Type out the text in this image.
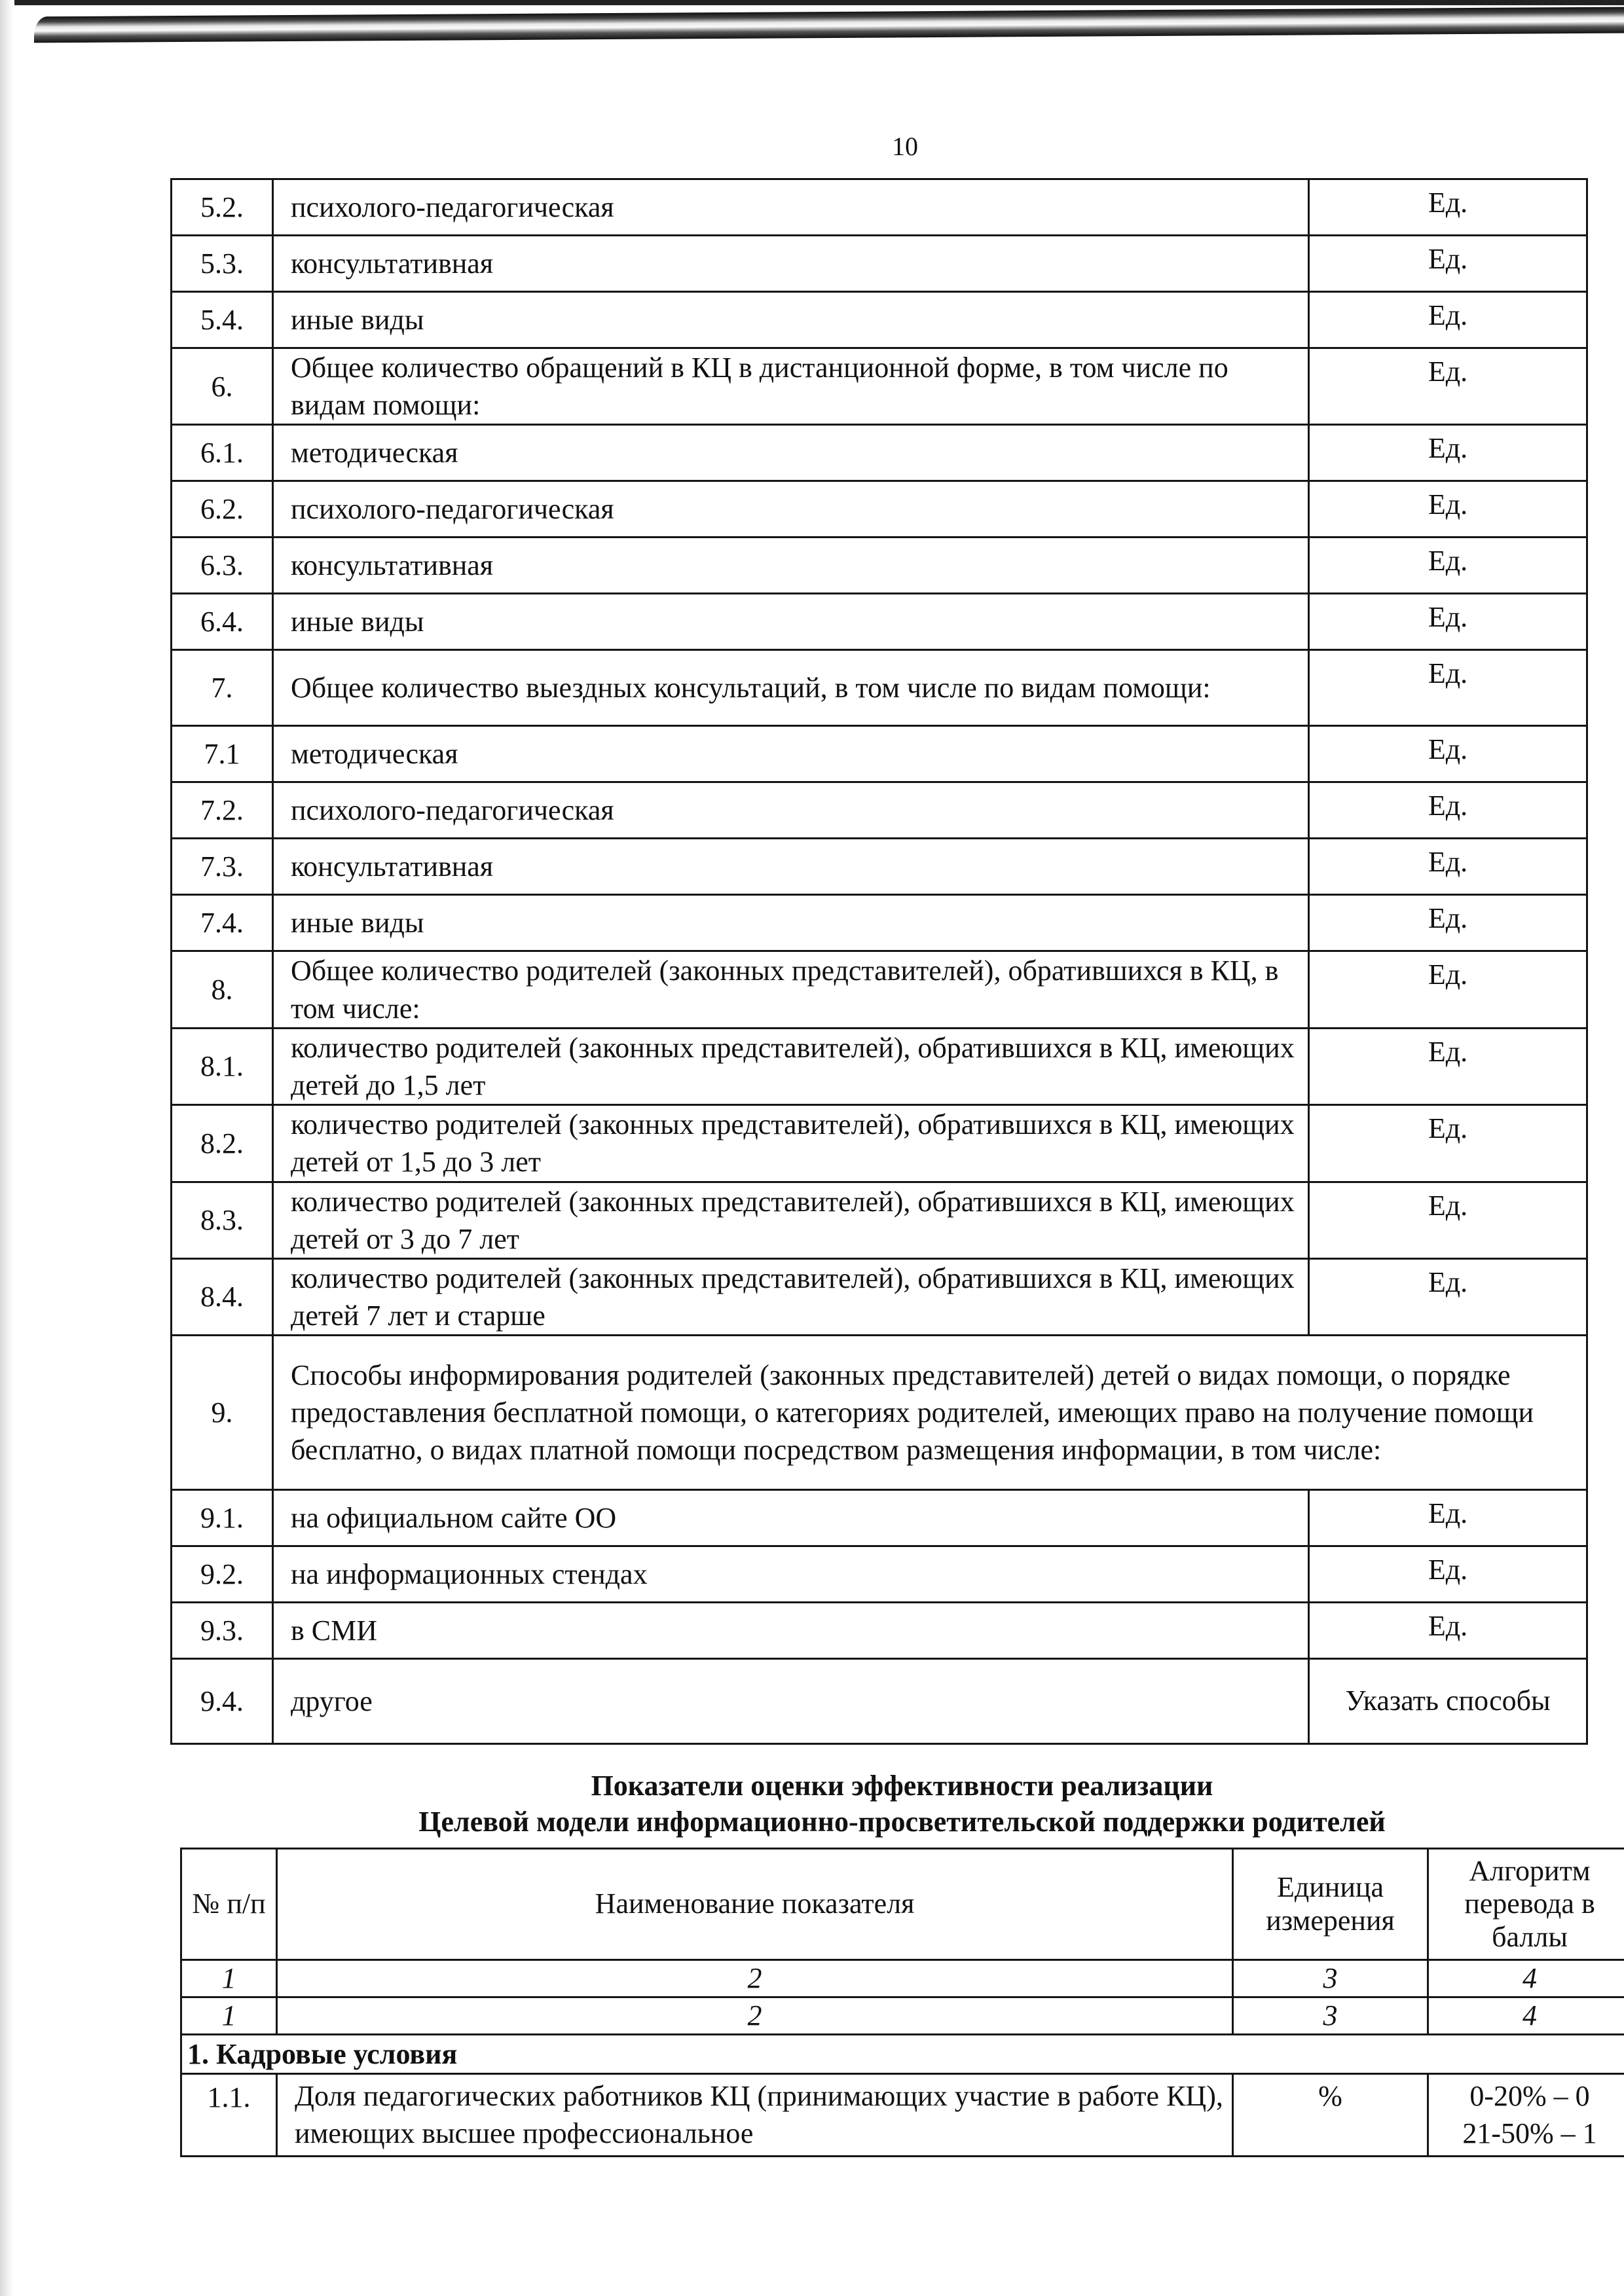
10
5.2.	психолого-педагогическая	Ед.
5.3.	консультативная	Ед.
5.4.	иные виды	Ед.
6.	Общее количество обращений в КЦ в дистанционной форме, в том числе по видам помощи:	Ед.
6.1.	методическая	Ед.
6.2.	психолого-педагогическая	Ед.
6.3.	консультативная	Ед.
6.4.	иные виды	Ед.
7.	Общее количество выездных консультаций, в том числе по видам помощи:	Ед.
7.1	методическая	Ед.
7.2.	психолого-педагогическая	Ед.
7.3.	консультативная	Ед.
7.4.	иные виды	Ед.
8.	Общее количество родителей (законных представителей), обратившихся в КЦ, в том числе:	Ед.
8.1.	количество родителей (законных представителей), обратившихся в КЦ, имеющих детей до 1,5 лет	Ед.
8.2.	количество родителей (законных представителей), обратившихся в КЦ, имеющих детей от 1,5 до 3 лет	Ед.
8.3.	количество родителей (законных представителей), обратившихся в КЦ, имеющих детей от 3 до 7 лет	Ед.
8.4.	количество родителей (законных представителей), обратившихся в КЦ, имеющих детей 7 лет и старше	Ед.
9.	Способы информирования родителей (законных представителей) детей о видах помощи, о порядке предоставления бесплатной помощи, о категориях родителей, имеющих право на получение помощи бесплатно, о видах платной помощи посредством размещения информации, в том числе:	
9.1.	на официальном сайте ОО	Ед.
9.2.	на информационных стендах	Ед.
9.3.	в СМИ	Ед.
9.4.	другое	Указать способы
Показатели оценки эффективности реализации
Целевой модели информационно-просветительской поддержки родителей
№ п/п	Наименование показателя	Единица измерения	Алгоритм перевода в баллы
1	2	3	4
1	2	3	4
1. Кадровые условия			
1.1.	Доля педагогических работников КЦ (принимающих участие в работе КЦ), имеющих высшее профессиональное	%	0-20% – 0
21-50% – 1
